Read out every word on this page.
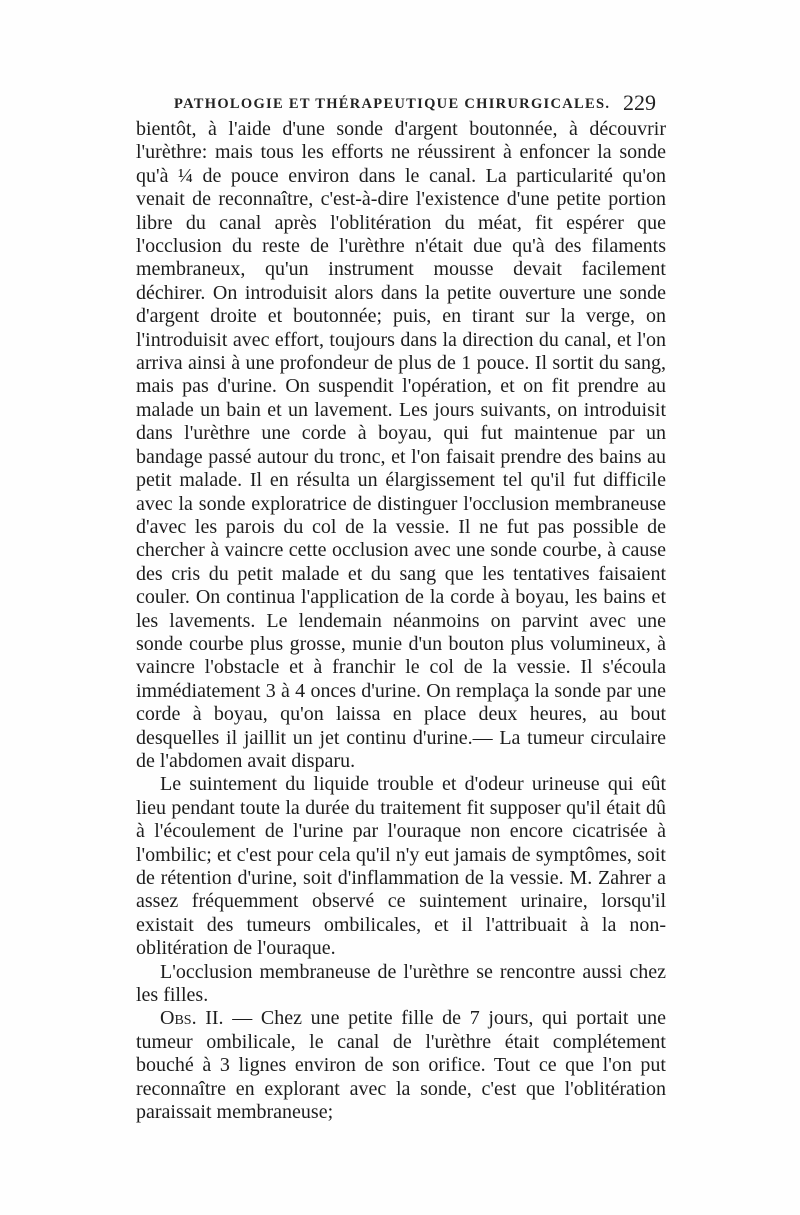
PATHOLOGIE ET THÉRAPEUTIQUE CHIRURGICALES. 229

bientôt, à l'aide d'une sonde d'argent boutonnée, à découvrir l'urèthre: mais tous les efforts ne réussirent à enfoncer la sonde qu'à ¼ de pouce environ dans le canal. La particularité qu'on venait de reconnaître, c'est-à-dire l'existence d'une petite portion libre du canal après l'oblitération du méat, fit espérer que l'occlusion du reste de l'urèthre n'était due qu'à des filaments membraneux, qu'un instrument mousse devait facilement déchirer. On introduisit alors dans la petite ouverture une sonde d'argent droite et boutonnée; puis, en tirant sur la verge, on l'introduisit avec effort, toujours dans la direction du canal, et l'on arriva ainsi à une profondeur de plus de 1 pouce. Il sortit du sang, mais pas d'urine. On suspendit l'opération, et on fit prendre au malade un bain et un lavement. Les jours suivants, on introduisit dans l'urèthre une corde à boyau, qui fut maintenue par un bandage passé autour du tronc, et l'on faisait prendre des bains au petit malade. Il en résulta un élargissement tel qu'il fut difficile avec la sonde exploratrice de distinguer l'occlusion membraneuse d'avec les parois du col de la vessie. Il ne fut pas possible de chercher à vaincre cette occlusion avec une sonde courbe, à cause des cris du petit malade et du sang que les tentatives faisaient couler. On continua l'application de la corde à boyau, les bains et les lavements. Le lendemain néanmoins on parvint avec une sonde courbe plus grosse, munie d'un bouton plus volumineux, à vaincre l'obstacle et à franchir le col de la vessie. Il s'écoula immédiatement 3 à 4 onces d'urine. On remplaça la sonde par une corde à boyau, qu'on laissa en place deux heures, au bout desquelles il jaillit un jet continu d'urine.— La tumeur circulaire de l'abdomen avait disparu.

Le suintement du liquide trouble et d'odeur urineuse qui eût lieu pendant toute la durée du traitement fit supposer qu'il était dû à l'écoulement de l'urine par l'ouraque non encore cicatrisée à l'ombilic; et c'est pour cela qu'il n'y eut jamais de symptômes, soit de rétention d'urine, soit d'inflammation de la vessie. M. Zahrer a assez fréquemment observé ce suintement urinaire, lorsqu'il existait des tumeurs ombilicales, et il l'attribuait à la non-oblitération de l'ouraque.

L'occlusion membraneuse de l'urèthre se rencontre aussi chez les filles.

Obs. II. — Chez une petite fille de 7 jours, qui portait une tumeur ombilicale, le canal de l'urèthre était complétement bouché à 3 lignes environ de son orifice. Tout ce que l'on put reconnaître en explorant avec la sonde, c'est que l'oblitération paraissait membraneuse;
